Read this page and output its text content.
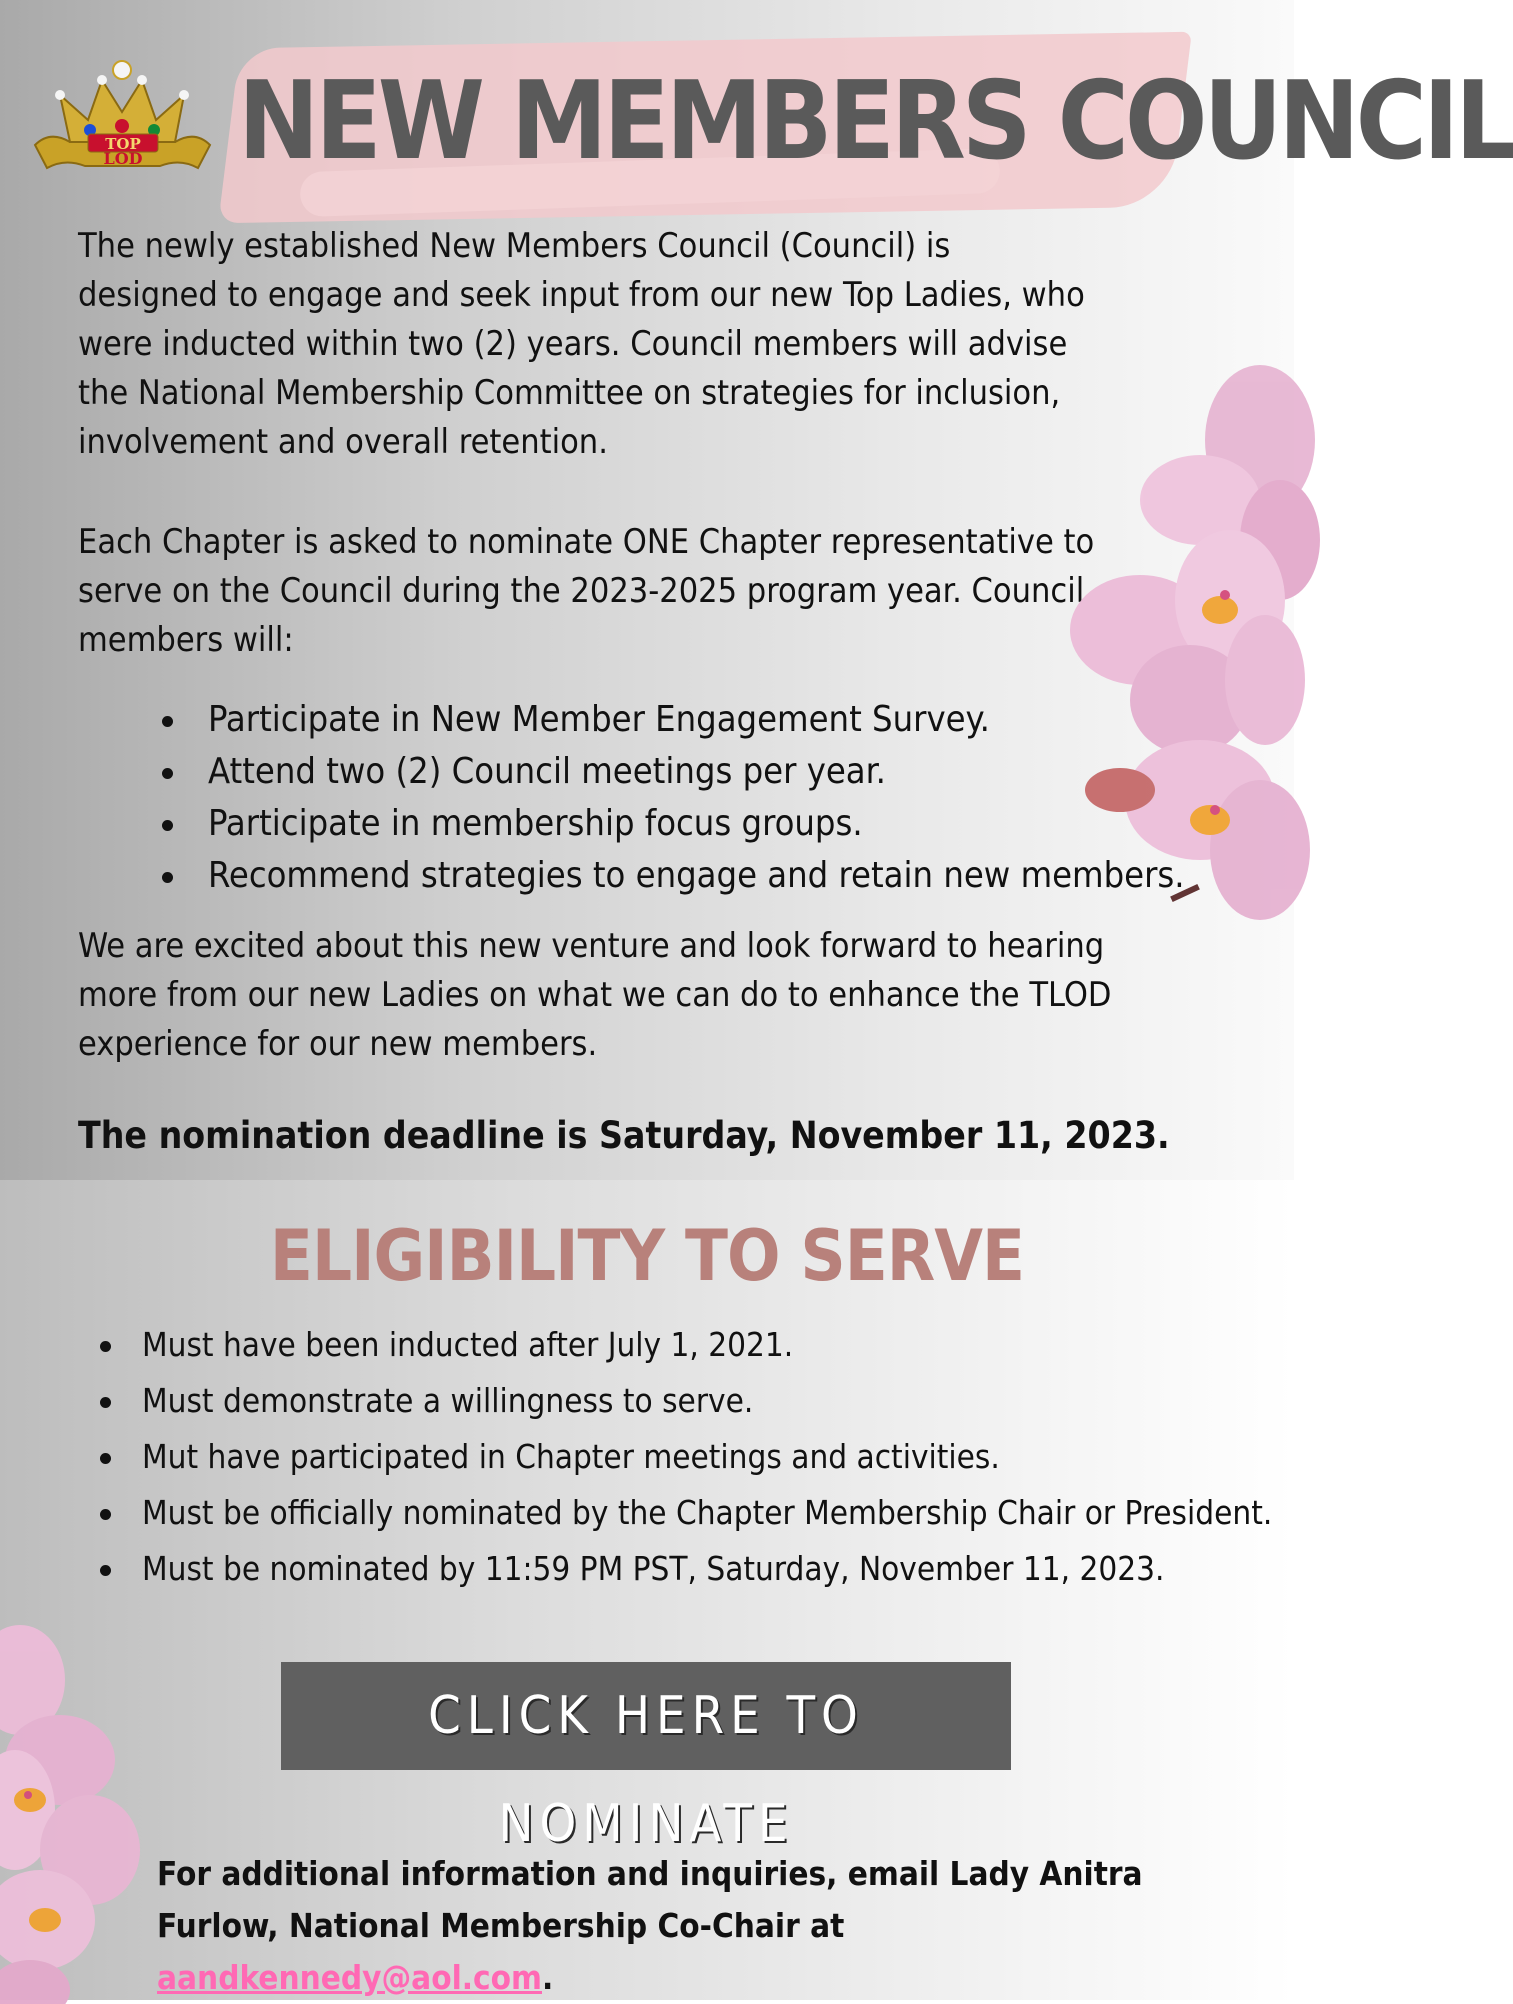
TOP
LOD NEW MEMBERS COUNCIL

The newly established New Members Council (Council) is designed to engage and seek input from our new Top Ladies, who were inducted within two (2) years. Council members will advise the National Membership Committee on strategies for inclusion, involvement and overall retention.

Each Chapter is asked to nominate ONE Chapter representative to serve on the Council during the 2023-2025 program year. Council members will:

Participate in New Member Engagement Survey.
Attend two (2) Council meetings per year.
Participate in membership focus groups.
Recommend strategies to engage and retain new members.

We are excited about this new venture and look forward to hearing more from our new Ladies on what we can do to enhance the TLOD experience for our new members.

The nomination deadline is Saturday, November 11, 2023.

ELIGIBILITY TO SERVE
Must have been inducted after July 1, 2021.
Must demonstrate a willingness to serve.
Mut have participated in Chapter meetings and activities.
Must be officially nominated by the Chapter Membership Chair or President.
Must be nominated by 11:59 PM PST, Saturday, November 11, 2023.
CLICK HERE TO NOMINATE

For additional information and inquiries, email Lady Anitra Furlow, National Membership Co-Chair at aandkennedy@aol.com.
